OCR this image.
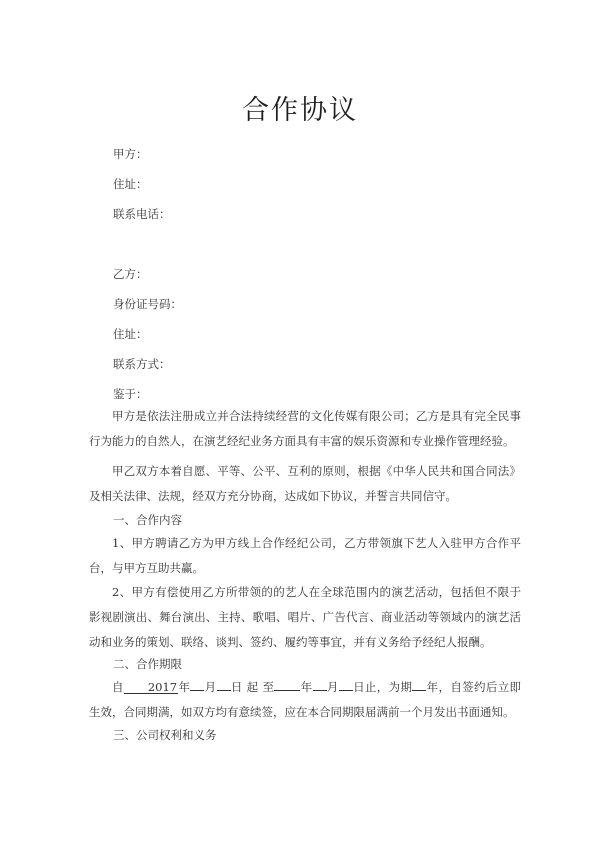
合作协议
甲方：
住址：
联系电话：
乙方：
身份证号码：
住址：
联系方式：
鉴于：

甲方是依法注册成立并合法持续经营的文化传媒有限公司；乙方是具有完全民事行为能力的自然人，在演艺经纪业务方面具有丰富的娱乐资源和专业操作管理经验。

甲乙双方本着自愿、平等、公平、互利的原则，根据《中华人民共和国合同法》及相关法律、法规，经双方充分协商，达成如下协议，并誓言共同信守。

一、合作内容

1、甲方聘请乙方为甲方线上合作经纪公司，乙方带领旗下艺人入驻甲方合作平台，与甲方互助共赢。

2、甲方有偿使用乙方所带领的的艺人在全球范围内的演艺活动，包括但不限于影视剧演出、舞台演出、主持、歌唱、唱片、广告代言、商业活动等领域内的演艺活动和业务的策划、联络、谈判、签约、履约等事宜，并有义务给予经纪人报酬。

二、合作期限

自 2017年 月 日 起 至 年 月 日止，为期 年，自签约后立即生效，合同期满，如双方均有意续签，应在本合同期限届满前一个月发出书面通知。

三、公司权利和义务
